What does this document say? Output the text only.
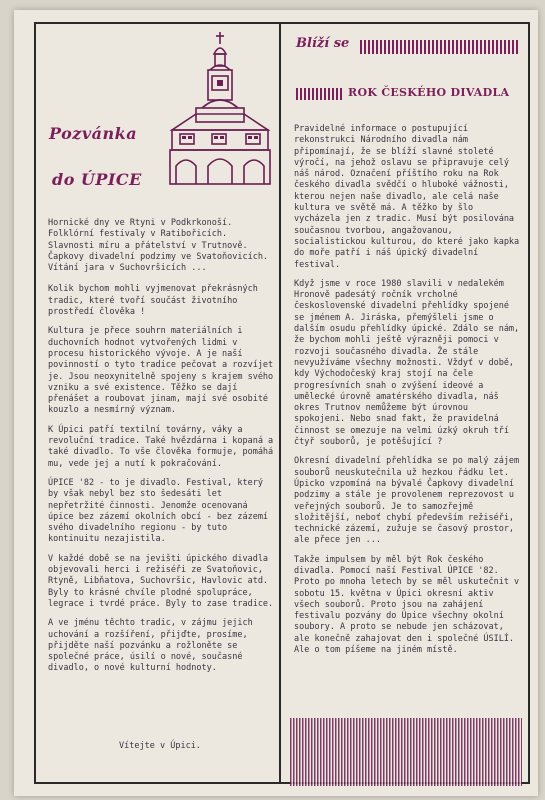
Pozvánka
do ÚPICE

Hornické dny ve Rtyni v Podkrkonoší.
Folklórní festivaly v Ratibořicích.
Slavnosti míru a přátelství v Trutnově.
Čapkovy divadelní podzimy ve Svatoňovicích.
Vítání jara v Suchovršicích ...

Kolik bychom mohli vyjmenovat překrásných tradic, které tvoří součást životního prostředí člověka !

Kultura je přece souhrn materiálních i duchovních hodnot vytvořených lidmi v procesu historického vývoje. A je naší povinností o tyto tradice pečovat a rozvíjet je. Jsou neoxynitelně spojeny s krajem svého vzniku a své existence. Těžko se dají přenášet a roubovat jinam, mají své osobité kouzlo a nesmírný význam.

K Úpici patří textilní továrny, váky a revoluční tradice. Také hvězdárna i kopaná a také divadlo. To vše člověka formuje, pomáhá mu, vede jej a nutí k pokračování.

ÚPICE '82 - to je divadlo. Festival, který by však nebyl bez sto šedesáti let nepřetržité činnosti. Jenomže ocenovaná úpice bez zázemí okolních obcí - bez zázemí svého divadelního regionu - by tuto kontinuitu nezajistila.

V každé době se na jevišti úpického divadla objevovali herci i režiséři ze Svatoňovic, Rtyně, Libňatova, Suchovršic, Havlovic atd. Byly to krásné chvíle plodné spolupráce, legrace i tvrdé práce. Byly to zase tradice.

A ve jménu těchto tradic, v zájmu jejich uchování a rozšíření, přijďte, prosíme, přijděte naší pozvánku a rožloněte se společné práce, úsilí o nové, současné divadlo, o nové kulturní hodnoty.

Vítejte v Úpici.
Blíží se
ROK ČESKÉHO DIVADLA

Pravidelné informace o postupující rekonstrukci Národního divadla nám připomínají, že se blíží slavné stoleté výročí, na jehož oslavu se připravuje celý náš národ. Označení příštího roku na Rok českého divadla svědčí o hluboké vážnosti, kterou nejen naše divadlo, ale celá naše kultura ve světě má. A těžko by šlo vycházela jen z tradic. Musí být posilována současnou tvorbou, angažovanou, socialistickou kulturou, do které jako kapka do moře patří i náš úpický divadelní festival.

Když jsme v roce 1980 slavili v nedalekém Hronově padesátý ročník vrcholné československé divadelní přehlídky spojené se jménem A. Jiráska, přemýšleli jsme o dalším osudu přehlídky úpické. Zdálo se nám, že bychom mohli ještě výrazněji pomoci v rozvoji současného divadla. Že stále nevyužíváme všechny možnosti. Vždyť v době, kdy Východočeský kraj stojí na čele progresívních snah o zvýšení ideové a umělecké úrovně amatérského divadla, náš okres Trutnov nemůžeme být úrovnou spokojeni. Nebo snad fakt, že pravidelná činnost se omezuje na velmi úzký okruh tří čtyř souborů, je potěšující ?

Okresní divadelní přehlídka se po malý zájem souborů neuskutečnila už hezkou řádku let. Úpicko vzpomíná na bývalé Čapkovy divadelní podzimy a stále je provolenem reprezovost u veřejných souborů. Je to samozřejmě složitější, neboť chybí především režiséři, technické zázemí, zužuje se časový prostor, ale přece jen ...

Takže impulsem by měl být Rok českého divadla. Pomocí naší Festival ÚPICE '82. Proto po mnoha letech by se měl uskutečnit v sobotu 15. května v Úpici okresní aktiv všech souborů. Proto jsou na zahájení festivalu pozvány do Úpice všechny okolní soubory. A proto se nebude jen scházovat, ale konečně zahajovat den i společné ÚSILÍ. Ale o tom píšeme na jiném místě.
